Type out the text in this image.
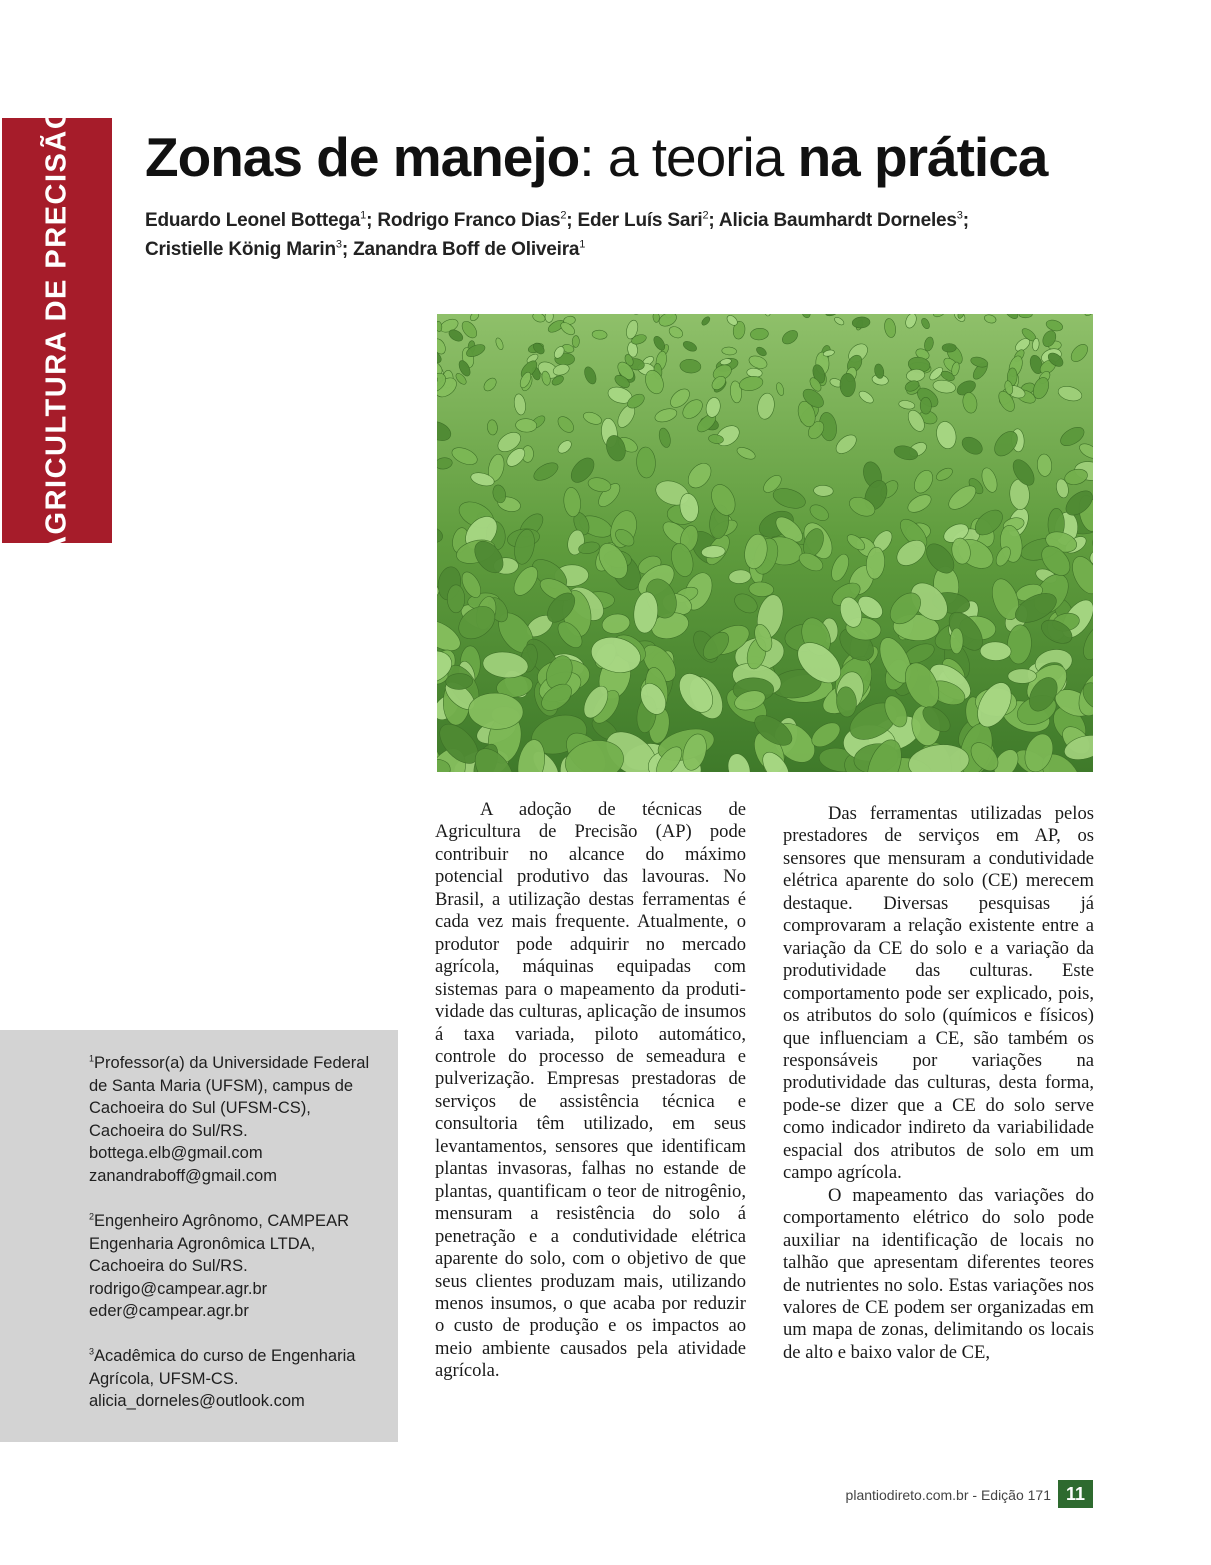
AGRICULTURA DE PRECISÃO Zonas de manejo: a teoria na prática
Eduardo Leonel Bottega$^1$; Rodrigo Franco Dias$^2$; Eder Luís Sari$^2$; Alicia Baumhardt Dorneles$^3$;
Cristielle König Marin$^3$; Zanandra Boff de Oliveira$^1$

$^1$Professor(a) da Universidade Federal

de Santa Maria (UFSM), campus de

Cachoeira do Sul (UFSM-CS),

Cachoeira do Sul/RS.

bottega.elb@gmail.com

zanandraboff@gmail.com

$^2$Engenheiro Agrônomo, CAMPEAR

Engenharia Agronômica LTDA,

Cachoeira do Sul/RS.

rodrigo@campear.agr.br

eder@campear.agr.br

$^3$Acadêmica do curso de Engenharia

Agrícola, UFSM-CS.

alicia_dorneles@outlook.com

A adoção de técnicas de Agricultura de Precisão (AP) pode contribuir no alcance do máximo potencial produtivo das lavouras. No Brasil, a utilização destas ferramentas é cada vez mais frequente. Atualmente, o produtor pode adquirir no mercado agrícola, máquinas equipadas com sistemas para o mapeamento da produtividade das culturas, aplicação de insumos á taxa variada, piloto automático, controle do processo de semeadura e pulverização. Empresas prestadoras de serviços de assistência técnica e consultoria têm utilizado, em seus levantamentos, sensores que identificam plantas invasoras, falhas no estande de plantas, quantificam o teor de nitrogênio, mensuram a resistência do solo á penetração e a condutividade elétrica aparente do solo, com o objetivo de que seus clientes produzam mais, utilizando menos insumos, o que acaba por reduzir o custo de produção e os impactos ao meio ambiente causados pela atividade agrícola.

Das ferramentas utilizadas pelos prestadores de serviços em AP, os sensores que mensuram a condutividade elétrica aparente do solo (CE) merecem destaque. Diversas pesquisas já comprovaram a relação existente entre a variação da CE do solo e a variação da produtividade das culturas. Este comportamento pode ser explicado, pois, os atributos do solo (químicos e físicos) que influenciam a CE, são também os responsáveis por variações na produtividade das culturas, desta forma, pode-se dizer que a CE do solo serve como indicador indireto da variabilidade espacial dos atributos de solo em um campo agrícola.

O mapeamento das variações do comportamento elétrico do solo pode auxiliar na identificação de locais no talhão que apresentam diferentes teores de nutrientes no solo. Estas variações nos valores de CE podem ser organizadas em um mapa de zonas, delimitando os locais de alto e baixo valor de CE,

plantiodireto.com.br - Edição 171 11
